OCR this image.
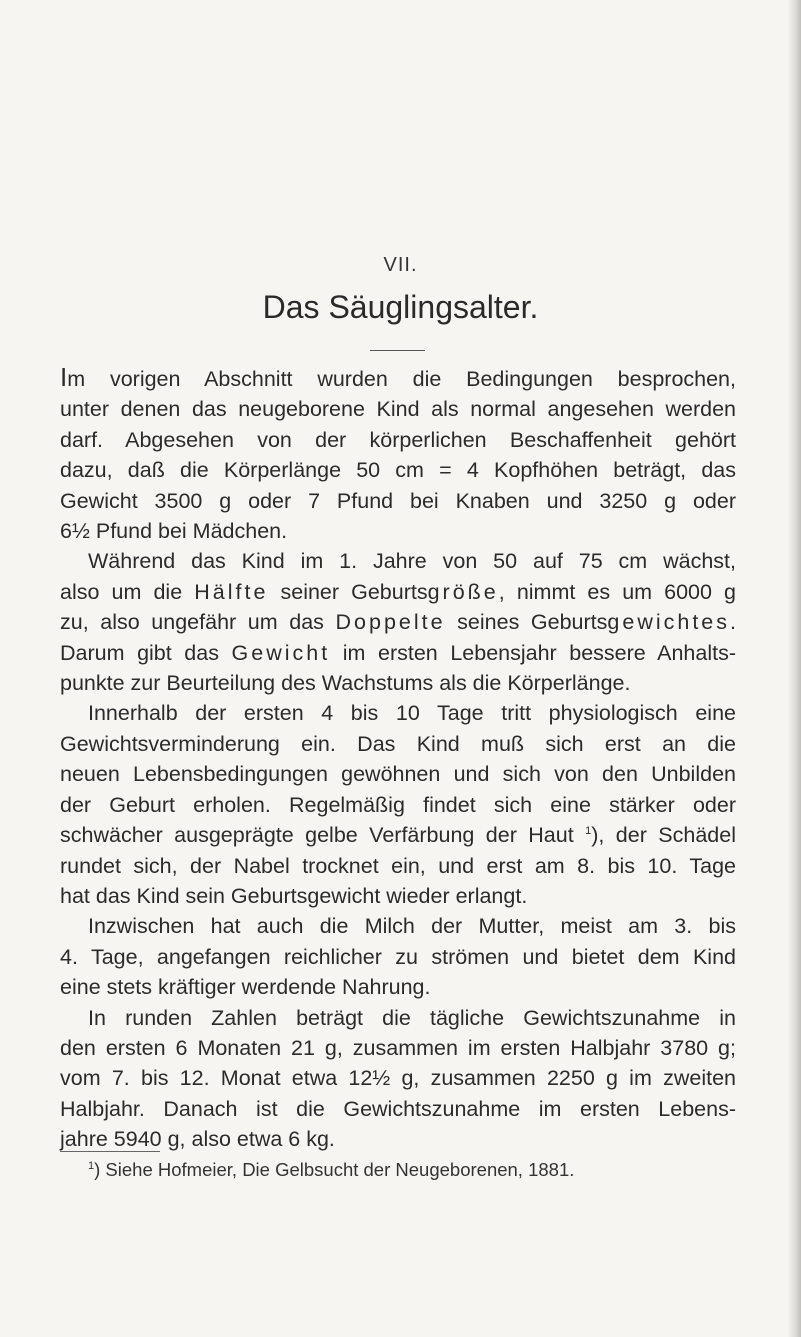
VII.
Das Säuglingsalter.
Im vorigen Abschnitt wurden die Bedingungen besprochen,
unter denen das neugeborene Kind als normal angesehen werden
darf. Abgesehen von der körperlichen Beschaffenheit gehört
dazu, daß die Körperlänge 50 cm = 4 Kopfhöhen beträgt, das
Gewicht 3500 g oder 7 Pfund bei Knaben und 3250 g oder
6½ Pfund bei Mädchen.
Während das Kind im 1. Jahre von 50 auf 75 cm wächst,
also um die Hälfte seiner Geburtsgröße, nimmt es um 6000 g
zu, also ungefähr um das Doppelte seines Geburtsgewichtes.
Darum gibt das Gewicht im ersten Lebensjahr bessere Anhalts-
punkte zur Beurteilung des Wachstums als die Körperlänge.
Innerhalb der ersten 4 bis 10 Tage tritt physiologisch eine
Gewichtsverminderung ein. Das Kind muß sich erst an die
neuen Lebensbedingungen gewöhnen und sich von den Unbilden
der Geburt erholen. Regelmäßig findet sich eine stärker oder
schwächer ausgeprägte gelbe Verfärbung der Haut $^1$), der Schädel
rundet sich, der Nabel trocknet ein, und erst am 8. bis 10. Tage
hat das Kind sein Geburtsgewicht wieder erlangt.
Inzwischen hat auch die Milch der Mutter, meist am 3. bis
4. Tage, angefangen reichlicher zu strömen und bietet dem Kind
eine stets kräftiger werdende Nahrung.
In runden Zahlen beträgt die tägliche Gewichtszunahme in
den ersten 6 Monaten 21 g, zusammen im ersten Halbjahr 3780 g;
vom 7. bis 12. Monat etwa 12½ g, zusammen 2250 g im zweiten
Halbjahr. Danach ist die Gewichtszunahme im ersten Lebens-
jahre 5940 g, also etwa 6 kg.
$^1$) Siehe Hofmeier, Die Gelbsucht der Neugeborenen, 1881.
